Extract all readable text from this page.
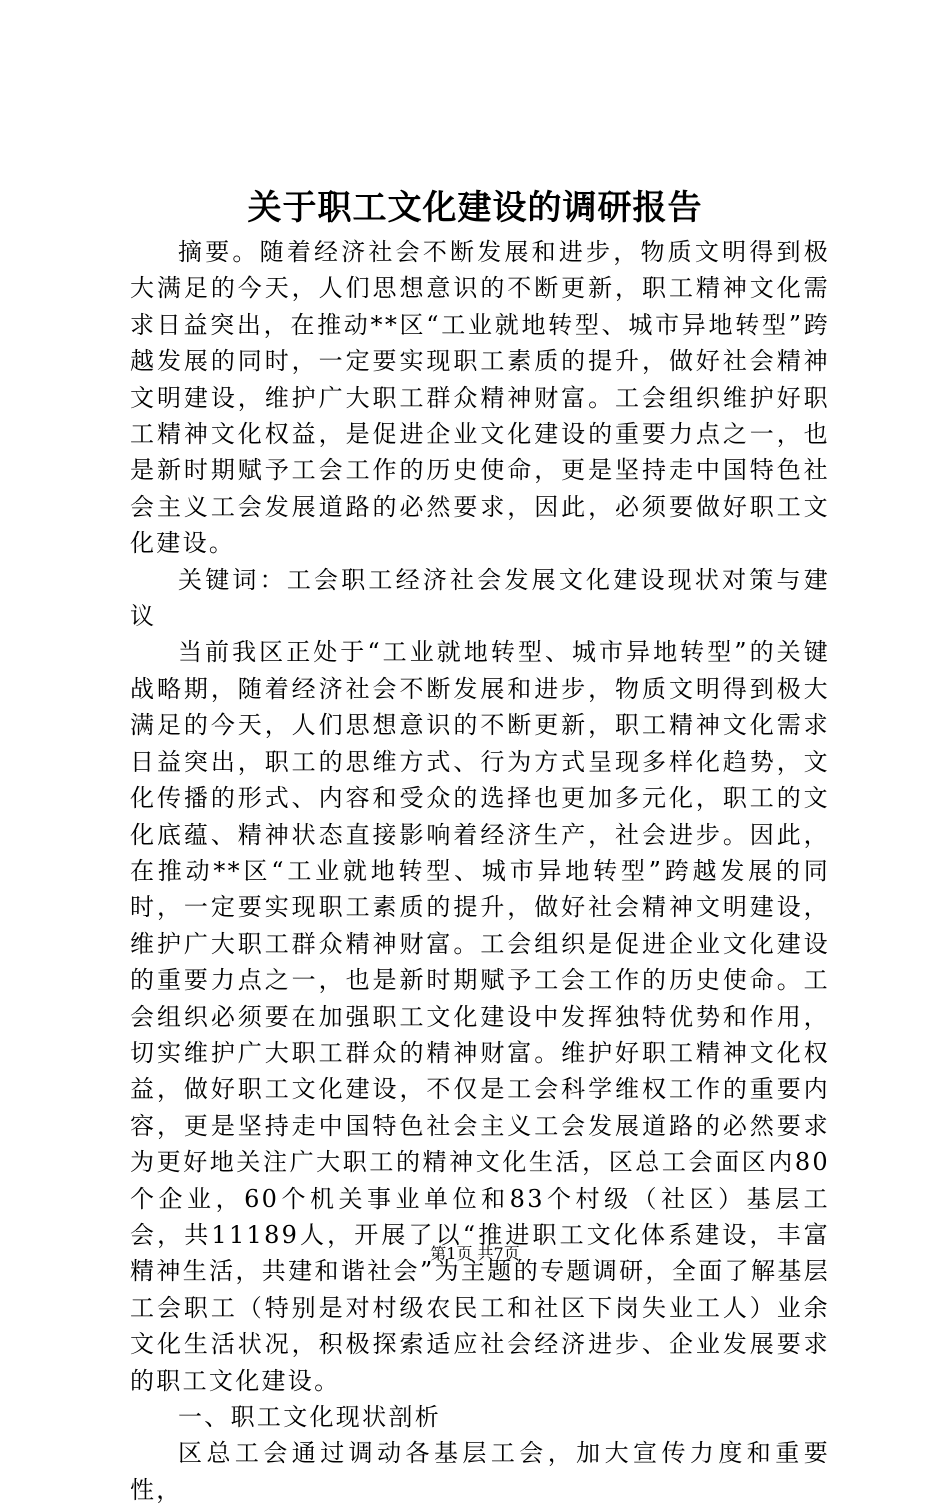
关于职工文化建设的调研报告

摘要。随着经济社会不断发展和进步，物质文明得到极大满足的今天，人们思想意识的不断更新，职工精神文化需求日益突出，在推动**区“工业就地转型、城市异地转型”跨越发展的同时，一定要实现职工素质的提升，做好社会精神文明建设，维护广大职工群众精神财富。工会组织维护好职工精神文化权益，是促进企业文化建设的重要力点之一，也是新时期赋予工会工作的历史使命，更是坚持走中国特色社会主义工会发展道路的必然要求，因此，必须要做好职工文化建设。

关键词：工会职工经济社会发展文化建设现状对策与建议

当前我区正处于“工业就地转型、城市异地转型”的关键战略期，随着经济社会不断发展和进步，物质文明得到极大满足的今天，人们思想意识的不断更新，职工精神文化需求日益突出，职工的思维方式、行为方式呈现多样化趋势，文化传播的形式、内容和受众的选择也更加多元化，职工的文化底蕴、精神状态直接影响着经济生产，社会进步。因此，在推动**区“工业就地转型、城市异地转型”跨越发展的同时，一定要实现职工素质的提升，做好社会精神文明建设，维护广大职工群众精神财富。工会组织是促进企业文化建设的重要力点之一，也是新时期赋予工会工作的历史使命。工会组织必须要在加强职工文化建设中发挥独特优势和作用，切实维护广大职工群众的精神财富。维护好职工精神文化权益，做好职工文化建设，不仅是工会科学维权工作的重要内容，更是坚持走中国特色社会主义工会发展道路的必然要求为更好地关注广大职工的精神文化生活，区总工会面区内80个企业，60个机关事业单位和83个村级（社区）基层工会，共11189人，开展了以“推进职工文化体系建设，丰富精神生活，共建和谐社会”为主题的专题调研，全面了解基层工会职工（特别是对村级农民工和社区下岗失业工人）业余文化生活状况，积极探索适应社会经济进步、企业发展要求的职工文化建设。

一、职工文化现状剖析

区总工会通过调动各基层工会，加大宣传力度和重要性，

第1页 共7页
